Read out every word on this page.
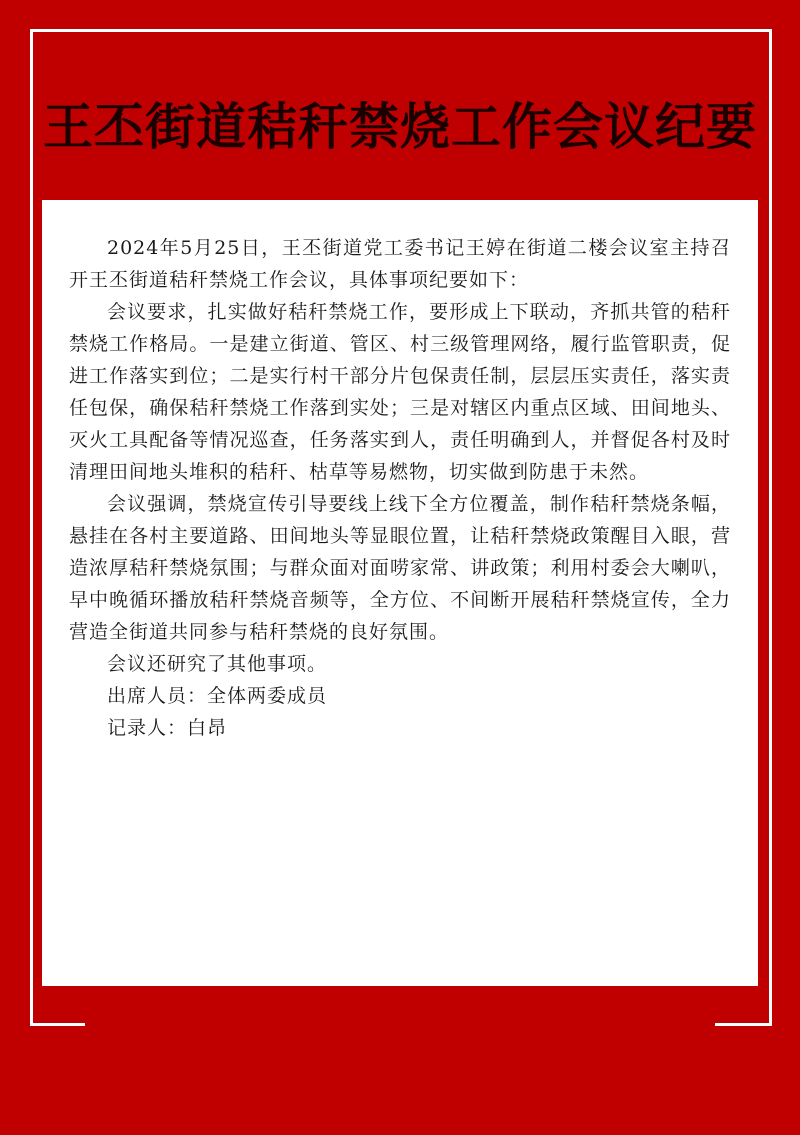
王丕街道秸秆禁烧工作会议纪要

2024年5月25日，王丕街道党工委书记王婷在街道二楼会议室主持召开王丕街道秸秆禁烧工作会议，具体事项纪要如下：

会议要求，扎实做好秸秆禁烧工作，要形成上下联动，齐抓共管的秸秆禁烧工作格局。一是建立街道、管区、村三级管理网络，履行监管职责，促进工作落实到位；二是实行村干部分片包保责任制，层层压实责任，落实责任包保，确保秸秆禁烧工作落到实处；三是对辖区内重点区域、田间地头、灭火工具配备等情况巡查，任务落实到人，责任明确到人，并督促各村及时清理田间地头堆积的秸秆、枯草等易燃物，切实做到防患于未然。

会议强调，禁烧宣传引导要线上线下全方位覆盖，制作秸秆禁烧条幅，悬挂在各村主要道路、田间地头等显眼位置，让秸秆禁烧政策醒目入眼，营造浓厚秸秆禁烧氛围；与群众面对面唠家常、讲政策；利用村委会大喇叭，早中晚循环播放秸秆禁烧音频等，全方位、不间断开展秸秆禁烧宣传，全力营造全街道共同参与秸秆禁烧的良好氛围。

会议还研究了其他事项。

出席人员：全体两委成员

记录人：白昂
